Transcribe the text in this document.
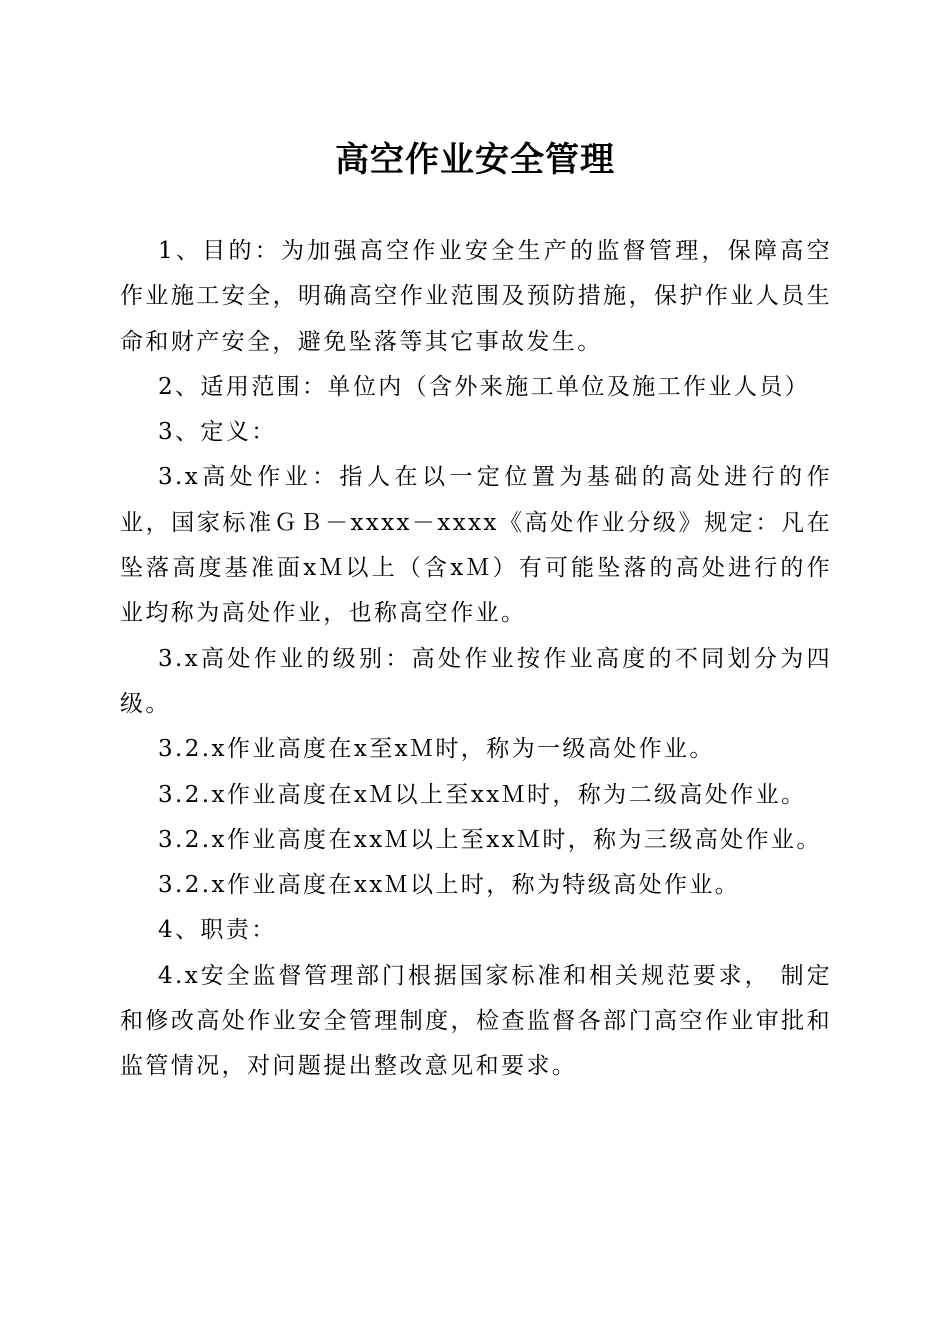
高空作业安全管理

1、目的：为加强高空作业安全生产的监督管理，保障高空作业施工安全，明确高空作业范围及预防措施，保护作业人员生命和财产安全，避免坠落等其它事故发生。

2、适用范围：单位内（含外来施工单位及施工作业人员）

3、定义：

3.x高处作业：指人在以一定位置为基础的高处进行的作业，国家标准ＧＢ－xxxx－xxxx《高处作业分级》规定：凡在坠落高度基准面xＭ以上（含xＭ）有可能坠落的高处进行的作业均称为高处作业，也称高空作业。

3.x高处作业的级别：高处作业按作业高度的不同划分为四级。

3.2.x作业高度在x至xＭ时，称为一级高处作业。

3.2.x作业高度在xＭ以上至xxＭ时，称为二级高处作业。

3.2.x作业高度在xxＭ以上至xxＭ时，称为三级高处作业。

3.2.x作业高度在xxＭ以上时，称为特级高处作业。

4、职责：

4.x安全监督管理部门根据国家标准和相关规范要求， 制定和修改高处作业安全管理制度，检查监督各部门高空作业审批和监管情况，对问题提出整改意见和要求。
